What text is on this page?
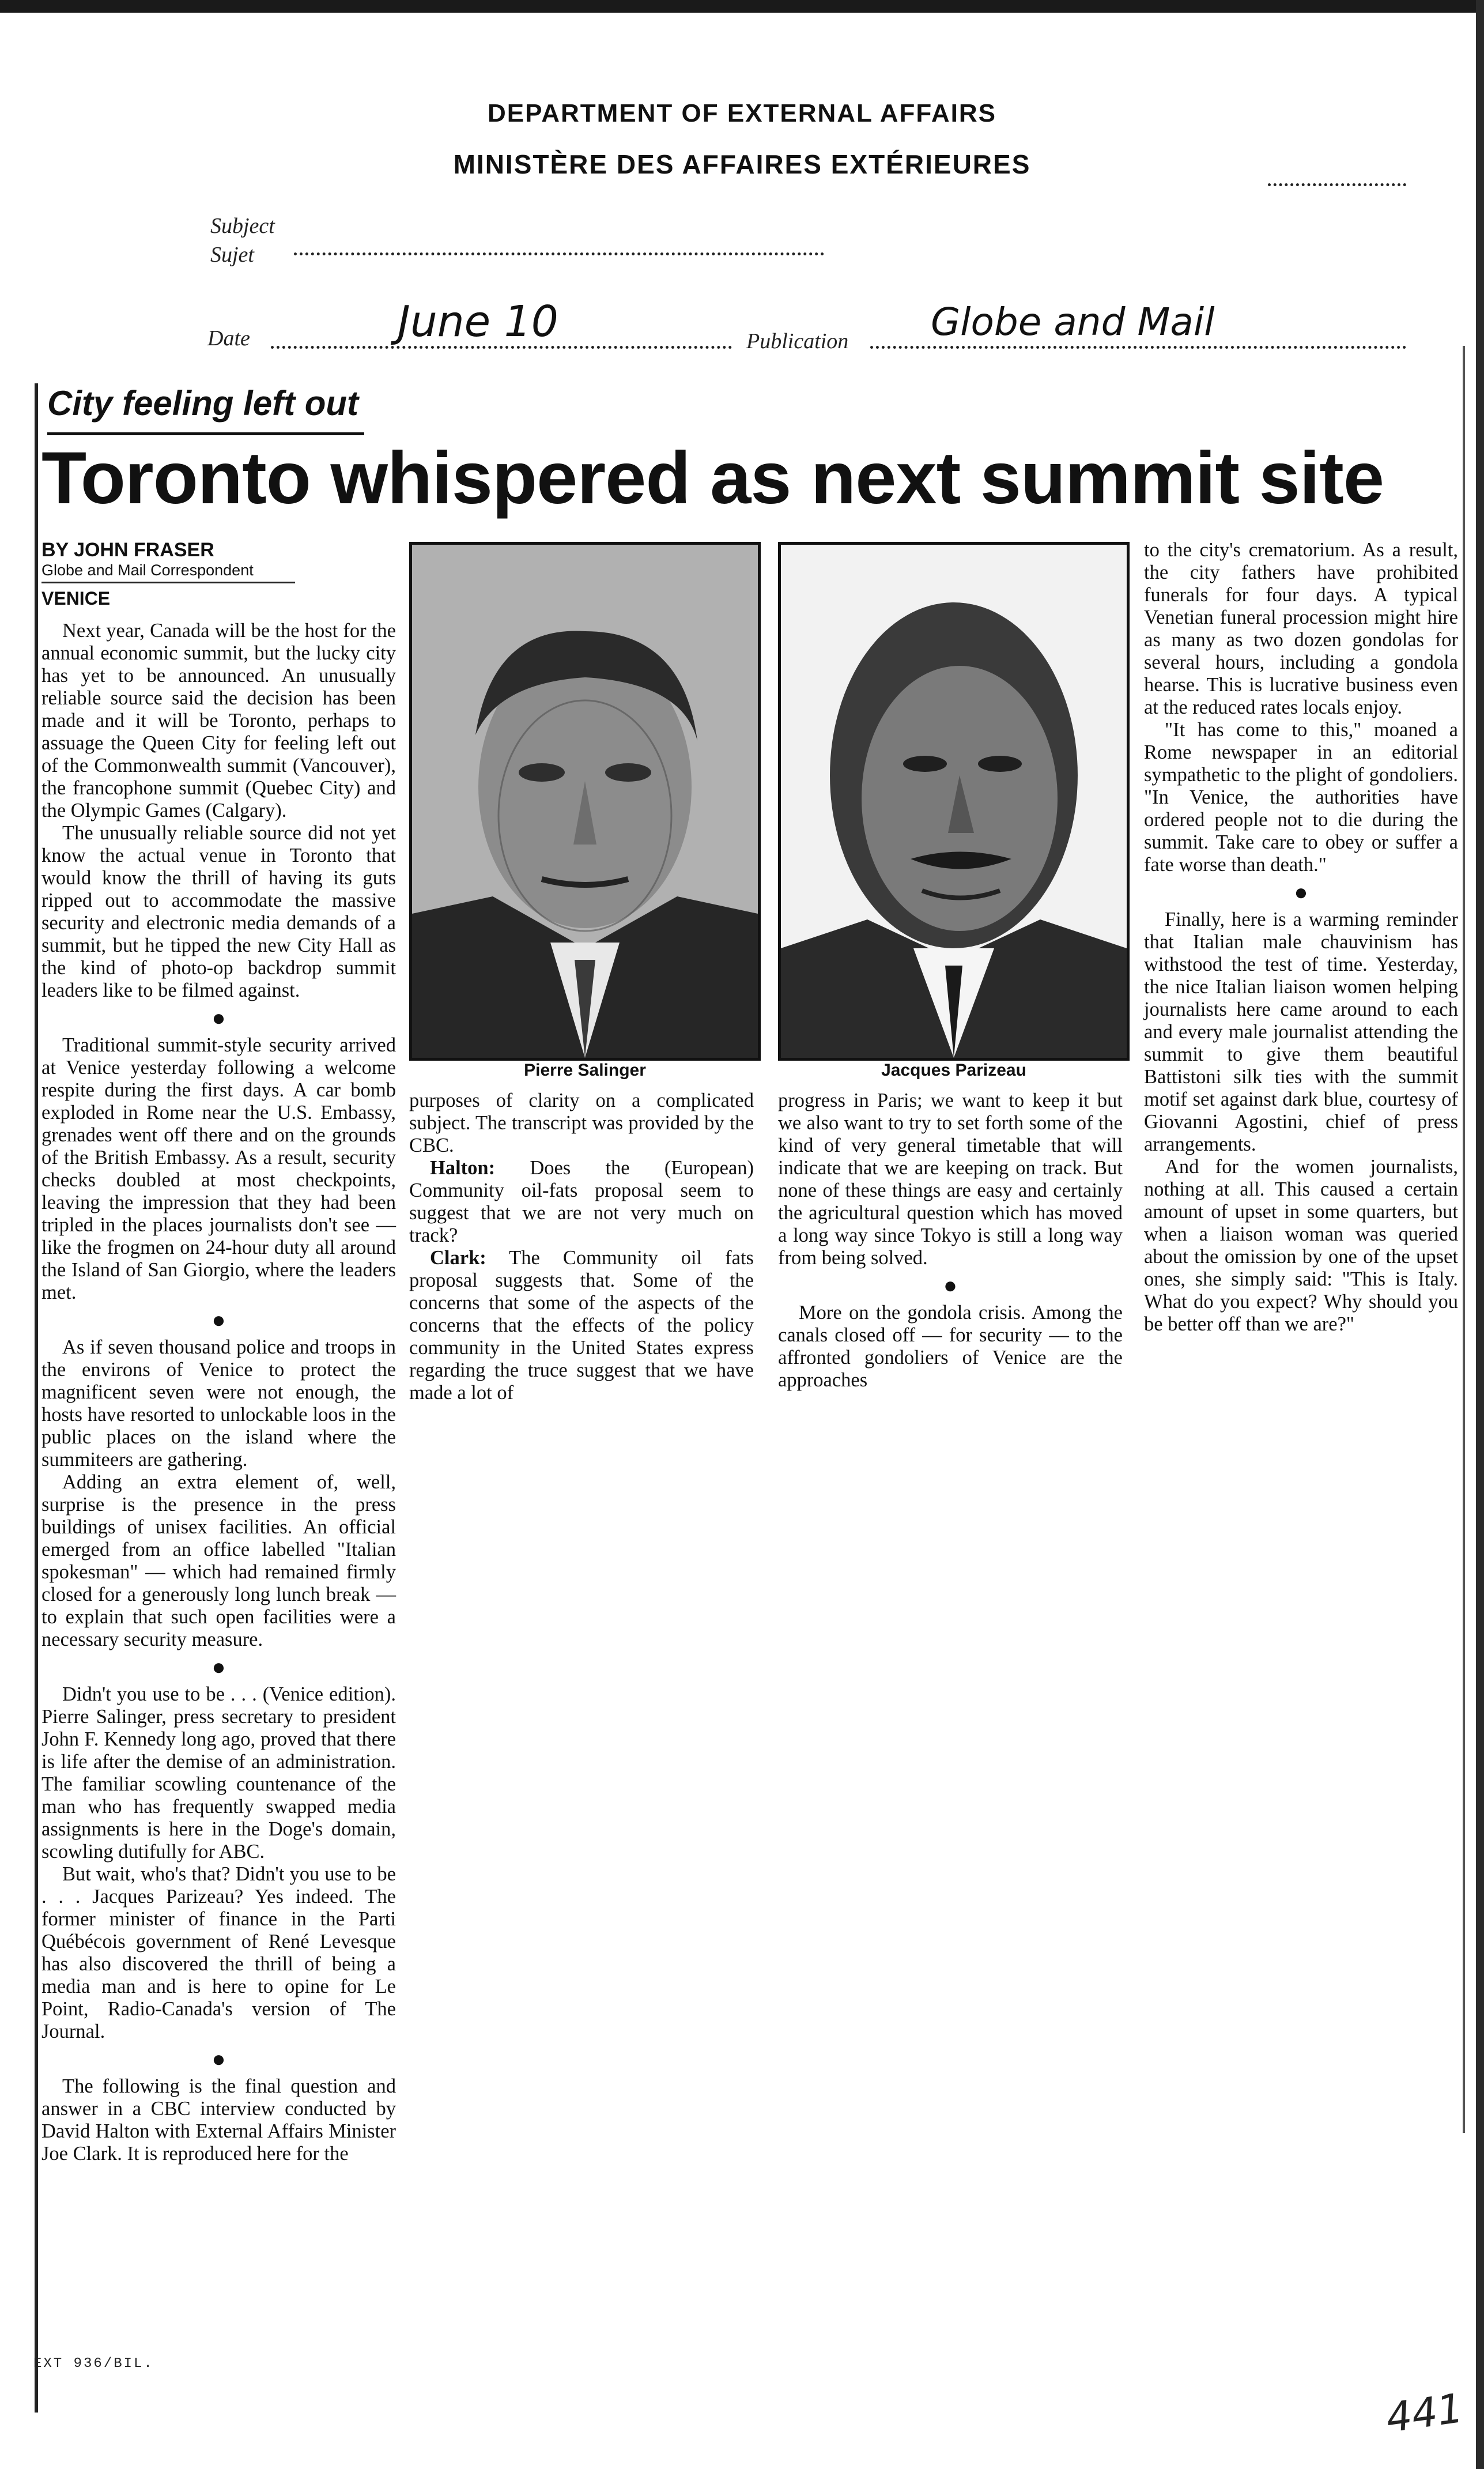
DEPARTMENT OF EXTERNAL AFFAIRS
MINISTÈRE DES AFFAIRES EXTÉRIEURES
Subject
Sujet
Date	June 10	Publication Globe and Mail
City feeling left out
Toronto whispered as next summit site
BY JOHN FRASER
Globe and Mail Correspondent
VENICE

Next year, Canada will be the host for the annual economic summit, but the lucky city has yet to be announced. An unusually reliable source said the decision has been made and it will be Toronto, perhaps to assuage the Queen City for feeling left out of the Commonwealth summit (Vancouver), the francophone summit (Quebec City) and the Olympic Games (Calgary).

The unusually reliable source did not yet know the actual venue in Toronto that would know the thrill of having its guts ripped out to accommodate the massive security and electronic media demands of a summit, but he tipped the new City Hall as the kind of photo-op backdrop summit leaders like to be filmed against.

●

Traditional summit-style security arrived at Venice yesterday following a welcome respite during the first days. A car bomb exploded in Rome near the U.S. Embassy, grenades went off there and on the grounds of the British Embassy. As a result, security checks doubled at most checkpoints, leaving the impression that they had been tripled in the places journalists don't see — like the frogmen on 24-hour duty all around the Island of San Giorgio, where the leaders met.

●

As if seven thousand police and troops in the environs of Venice to protect the magnificent seven were not enough, the hosts have resorted to unlockable loos in the public places on the island where the summiteers are gathering.

Adding an extra element of, well, surprise is the presence in the press buildings of unisex facilities. An official emerged from an office labelled "Italian spokesman" — which had remained firmly closed for a generously long lunch break — to explain that such open facilities were a necessary security measure.

●

Didn't you use to be . . . (Venice edition). Pierre Salinger, press secretary to president John F. Kennedy long ago, proved that there is life after the demise of an administration. The familiar scowling countenance of the man who has frequently swapped media assignments is here in the Doge's domain, scowling dutifully for ABC.

But wait, who's that? Didn't you use to be . . . Jacques Parizeau? Yes indeed. The former minister of finance in the Parti Québécois government of René Levesque has also discovered the thrill of being a media man and is here to opine for Le Point, Radio-Canada's version of The Journal.

●

The following is the final question and answer in a CBC interview conducted by David Halton with External Affairs Minister Joe Clark. It is reproduced here for the

Pierre Salinger	Jacques Parizeau

purposes of clarity on a complicated subject. The transcript was provided by the CBC.

Halton: Does the (European) Community oil-fats proposal seem to suggest that we are not very much on track?

Clark: The Community oil fats proposal suggests that. Some of the concerns that some of the aspects of the concerns that the effects of the policy community in the United States express regarding the truce suggest that we have made a lot of

progress in Paris; we want to keep it but we also want to try to set forth some of the kind of very general timetable that will indicate that we are keeping on track. But none of these things are easy and certainly the agricultural question which has moved a long way since Tokyo is still a long way from being solved.

●

More on the gondola crisis. Among the canals closed off — for security — to the affronted gondoliers of Venice are the approaches

to the city's crematorium. As a result, the city fathers have prohibited funerals for four days. A typical Venetian funeral procession might hire as many as two dozen gondolas for several hours, including a gondola hearse. This is lucrative business even at the reduced rates locals enjoy.

"It has come to this," moaned a Rome newspaper in an editorial sympathetic to the plight of gondoliers. "In Venice, the authorities have ordered people not to die during the summit. Take care to obey or suffer a fate worse than death."

●

Finally, here is a warming reminder that Italian male chauvinism has withstood the test of time. Yesterday, the nice Italian liaison women helping journalists here came around to each and every male journalist attending the summit to give them beautiful Battistoni silk ties with the summit motif set against dark blue, courtesy of Giovanni Agostini, chief of press arrangements.

And for the women journalists, nothing at all. This caused a certain amount of upset in some quarters, but when a liaison woman was queried about the omission by one of the upset ones, she simply said: "This is Italy. What do you expect? Why should you be better off than we are?"

EXT 936/BIL.
441
